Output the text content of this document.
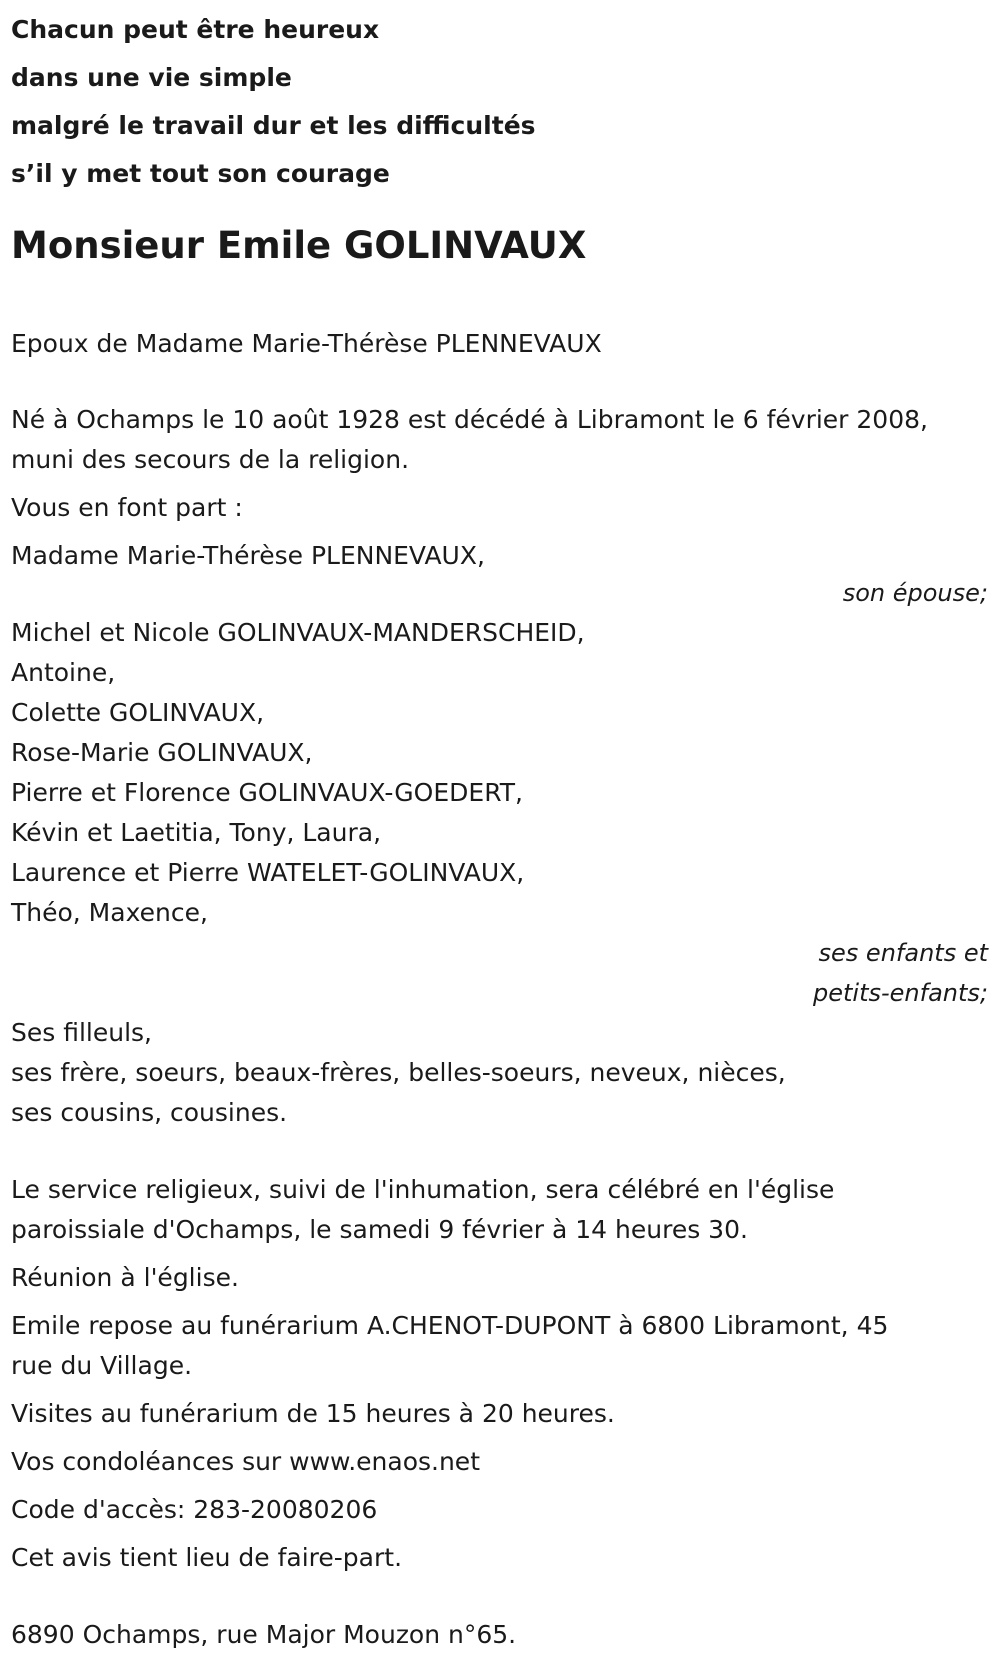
Chacun peut être heureux
dans une vie simple
malgré le travail dur et les difficultés
s’il y met tout son courage
Monsieur Emile GOLINVAUX

Epoux de Madame Marie-Thérèse PLENNEVAUX

Né à Ochamps le 10 août 1928 est décédé à Libramont le 6 février 2008,

muni des secours de la religion.

Vous en font part :

Madame Marie-Thérèse PLENNEVAUX,

son épouse;

Michel et Nicole GOLINVAUX-MANDERSCHEID,

Antoine,

Colette GOLINVAUX,

Rose-Marie GOLINVAUX,

Pierre et Florence GOLINVAUX-GOEDERT,

Kévin et Laetitia, Tony, Laura,

Laurence et Pierre WATELET-GOLINVAUX,

Théo, Maxence,

ses enfants et
petits-enfants;

Ses filleuls,

ses frère, soeurs, beaux-frères, belles-soeurs, neveux, nièces,

ses cousins, cousines.

Le service religieux, suivi de l'inhumation, sera célébré en l'église

paroissiale d'Ochamps, le samedi 9 février à 14 heures 30.

Réunion à l'église.

Emile repose au funérarium A.CHENOT-DUPONT à 6800 Libramont, 45

rue du Village.

Visites au funérarium de 15 heures à 20 heures.

Vos condoléances sur www.enaos.net

Code d'accès: 283-20080206

Cet avis tient lieu de faire-part.

6890 Ochamps, rue Major Mouzon n°65.
